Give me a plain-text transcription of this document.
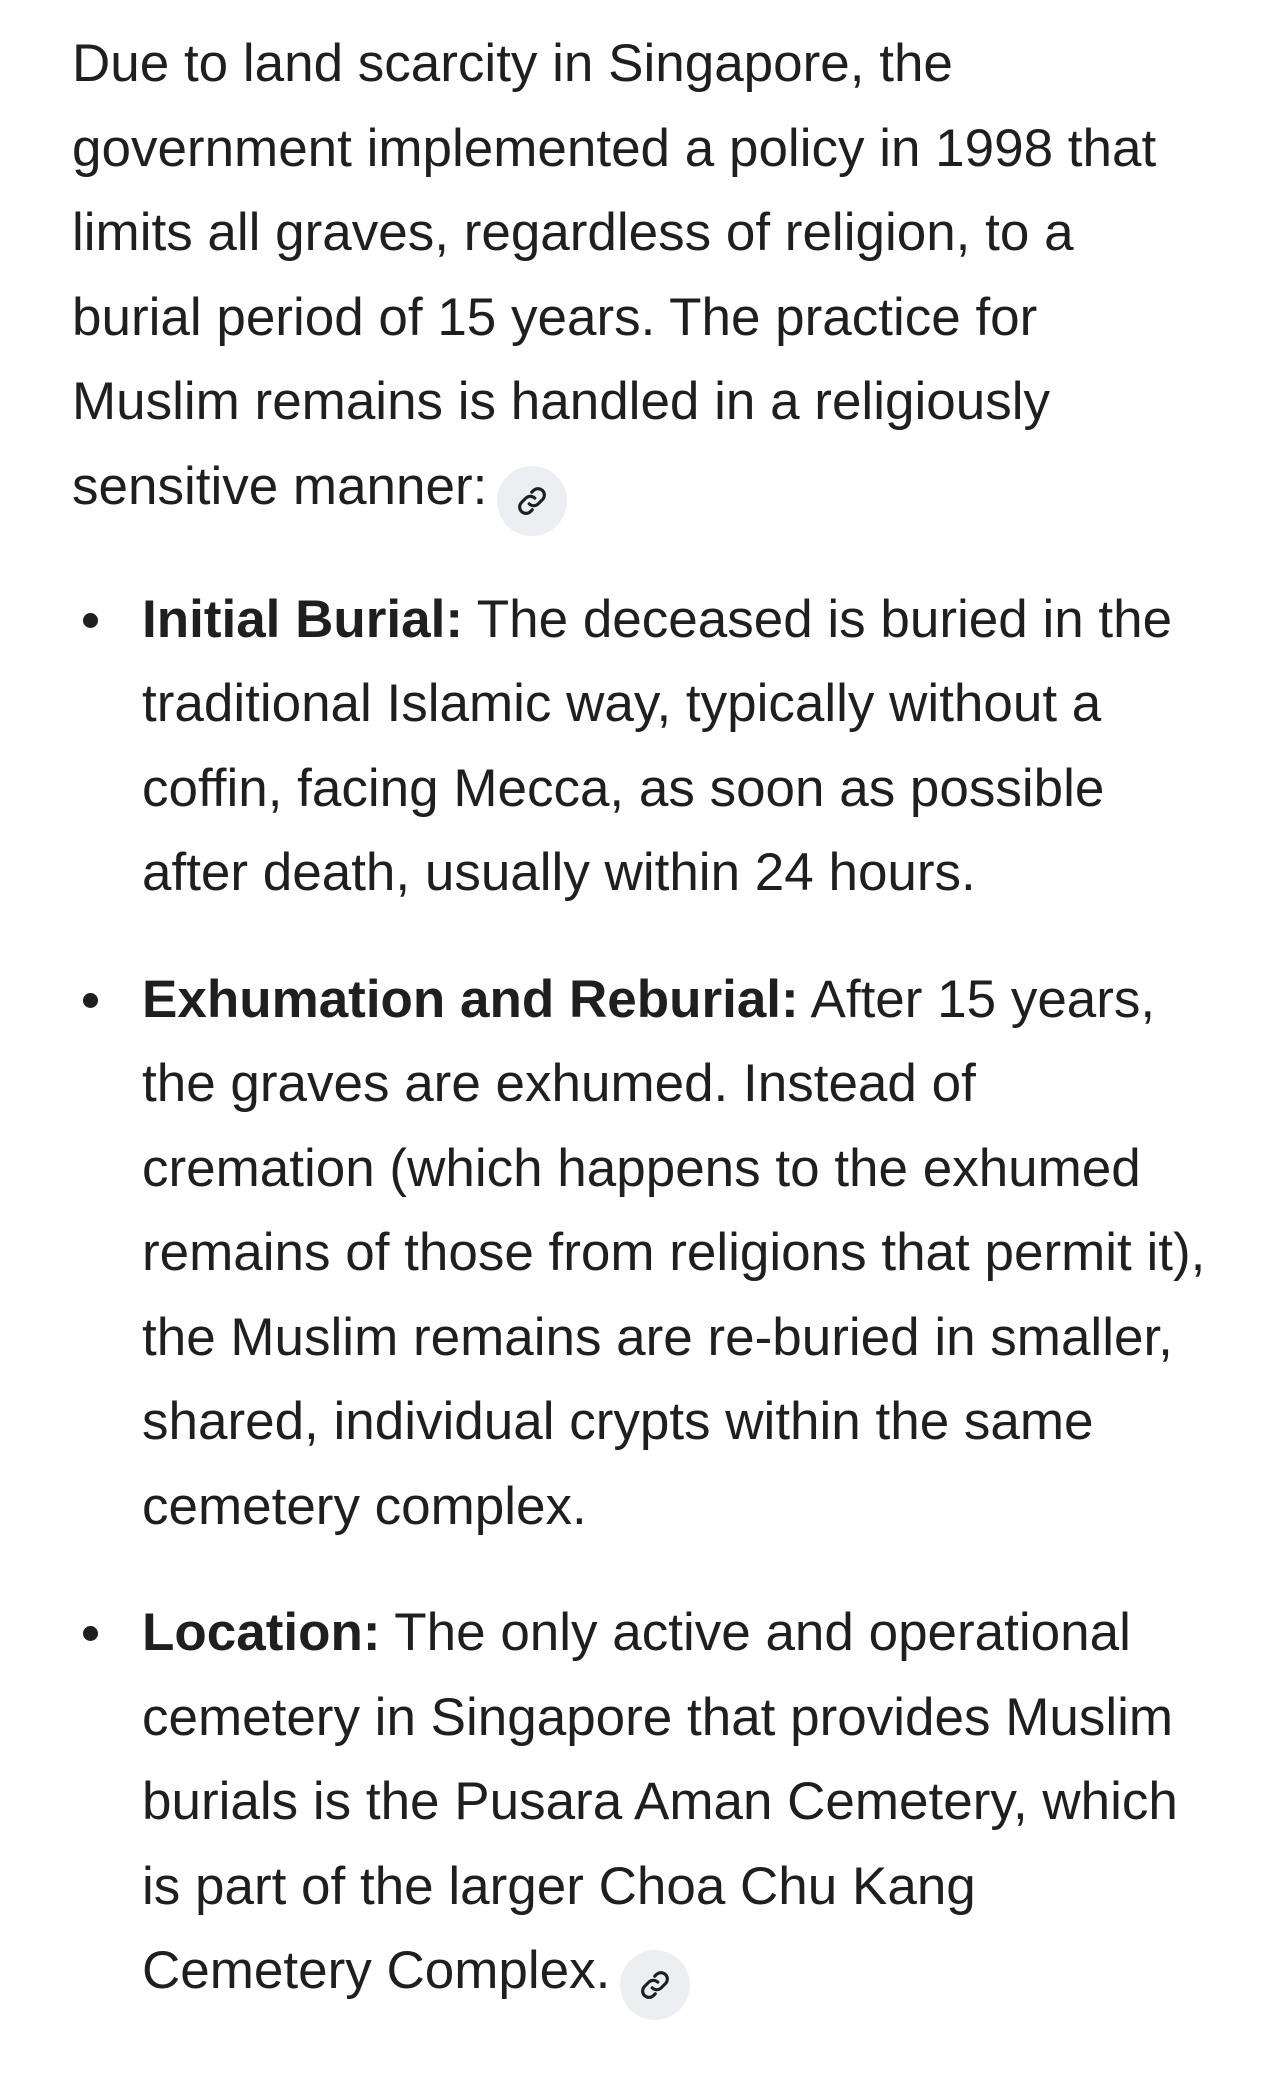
Due to land scarcity in Singapore, the government implemented a policy in 1998 that limits all graves, regardless of religion, to a burial period of 15 years. The practice for Muslim remains is handled in a religiously sensitive manner:

Initial Burial: The deceased is buried in the traditional Islamic way, typically without a coffin, facing Mecca, as soon as possible after death, usually within 24 hours.
Exhumation and Reburial: After 15 years, the graves are exhumed. Instead of cremation (which happens to the exhumed remains of those from religions that permit it), the Muslim remains are re-buried in smaller, shared, individual crypts within the same cemetery complex.
Location: The only active and operational cemetery in Singapore that provides Muslim burials is the Pusara Aman Cemetery, which is part of the larger Choa Chu Kang Cemetery Complex.
